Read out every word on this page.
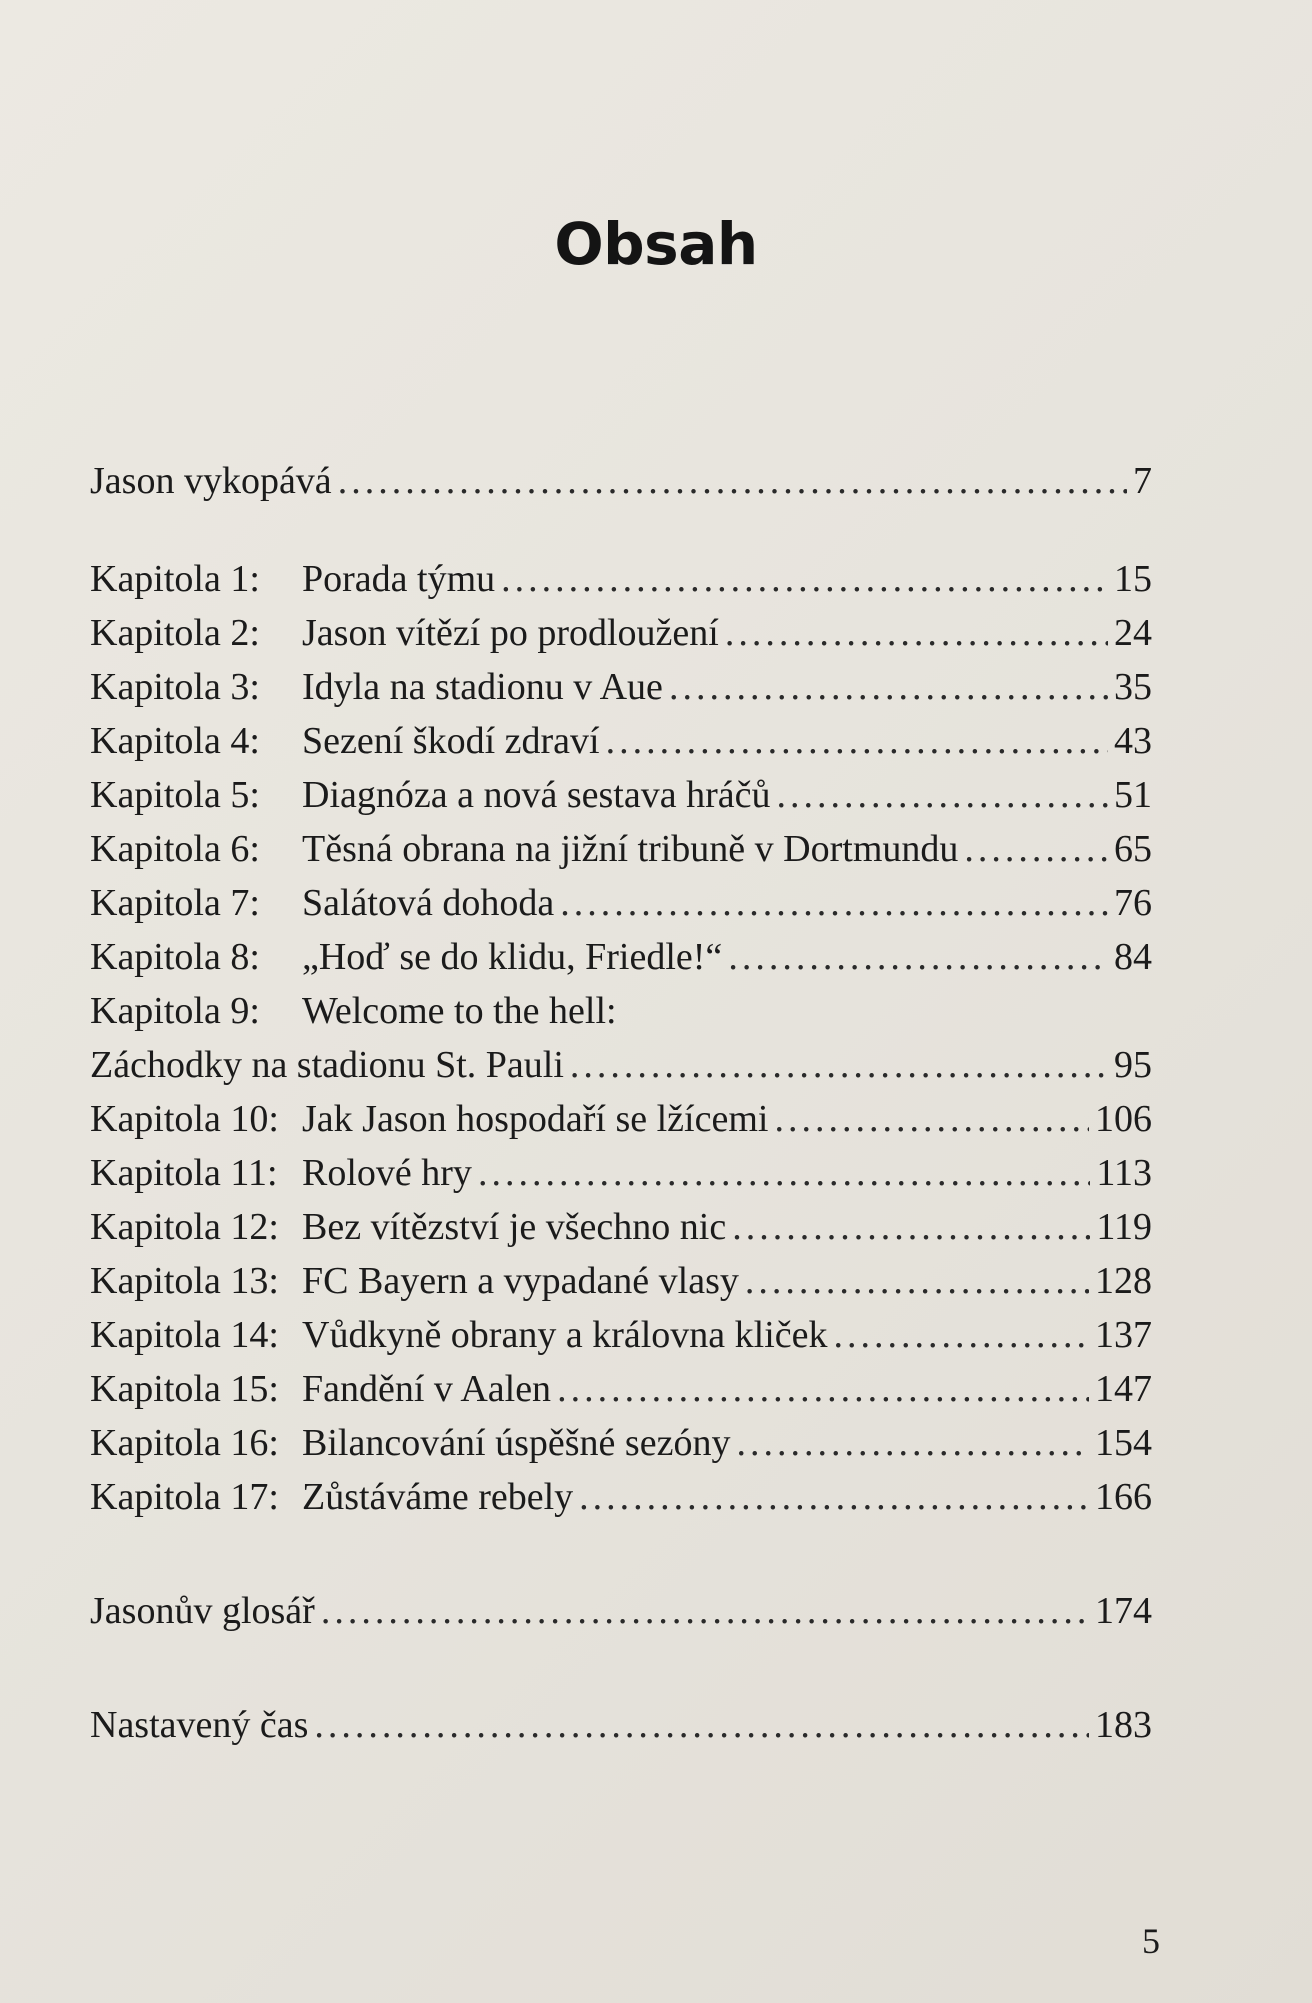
Obsah
Jason vykopává .....	7
Kapitola 1:	Porada týmu .....	15
Kapitola 2:	Jason vítězí po prodloužení .....	24
Kapitola 3:	Idyla na stadionu v Aue .....	35
Kapitola 4:	Sezení škodí zdraví .....	43
Kapitola 5:	Diagnóza a nová sestava hráčů .....	51
Kapitola 6:	Těsná obrana na jižní tribuně v Dortmundu .....	65
Kapitola 7:	Salátová dohoda .....	76
Kapitola 8:	„Hoď se do klidu, Friedle!“ .....	84
Kapitola 9:	Welcome to the hell:
Záchodky na stadionu St. Pauli .....	95
Kapitola 10: Jak Jason hospodaří se lžícemi .....	106
Kapitola 11: Rolové hry .....	113
Kapitola 12: Bez vítězství je všechno nic .....	119
Kapitola 13: FC Bayern a vypadané vlasy .....	128
Kapitola 14: Vůdkyně obrany a královna kliček .....	137
Kapitola 15: Fandění v Aalen .....	147
Kapitola 16: Bilancování úspěšné sezóny .....	154
Kapitola 17: Zůstáváme rebely .....	166
Jasonův glosář .....	174
Nastavený čas .....	183
5
